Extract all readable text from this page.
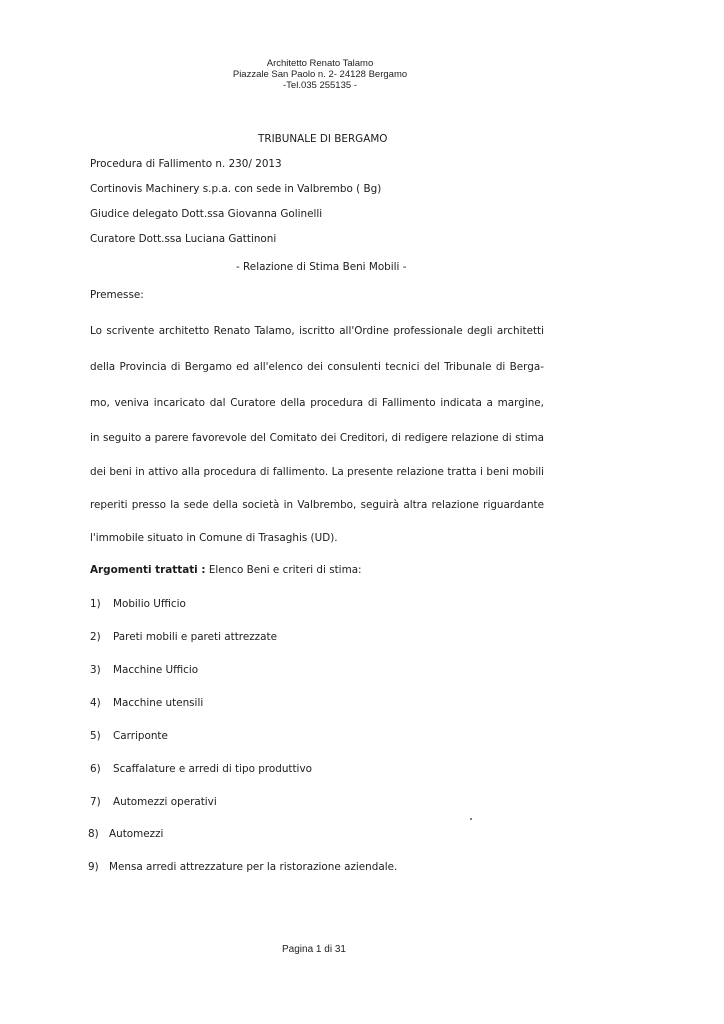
Architetto Renato Talamo
Piazzale San Paolo n. 2- 24128 Bergamo
-Tel.035 255135 -
TRIBUNALE DI BERGAMO
Procedura di Fallimento n. 230/ 2013
Cortinovis Machinery s.p.a. con sede in Valbrembo ( Bg)
Giudice delegato Dott.ssa Giovanna Golinelli
Curatore Dott.ssa Luciana Gattinoni
- Relazione di Stima Beni Mobili -
Premesse:
Lo scrivente architetto Renato Talamo, iscritto all'Ordine professionale degli architetti
della Provincia di Bergamo ed all'elenco dei consulenti tecnici del Tribunale di Berga-
mo, veniva incaricato dal Curatore della procedura di Fallimento indicata a margine,
in seguito a parere favorevole del Comitato dei Creditori, di redigere relazione di stima
dei beni in attivo alla procedura di fallimento. La presente relazione tratta i beni mobili
reperiti presso la sede della società in Valbrembo, seguirà altra relazione riguardante
l'immobile situato in Comune di Trasaghis (UD).
Argomenti trattati : Elenco Beni e criteri di stima:
1) Mobilio Ufficio
2) Pareti mobili e pareti attrezzate
3) Macchine Ufficio
4) Macchine utensili
5) Carriponte
6) Scaffalature e arredi di tipo produttivo
7) Automezzi operativi
8) Automezzi
9) Mensa arredi attrezzature per la ristorazione aziendale.
Pagina 1 di 31
